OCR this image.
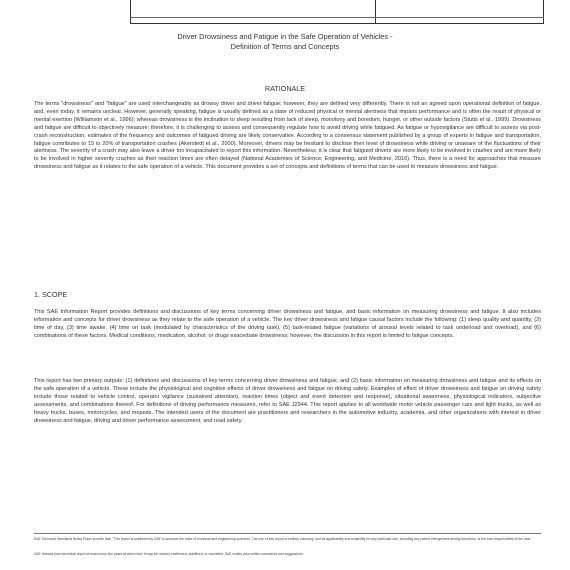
Driver Drowsiness and Fatigue in the Safe Operation of Vehicles -
Definition of Terms and Concepts
RATIONALE

The terms "drowsiness" and "fatigue" are used interchangeably as drowsy driver and driver fatigue; however, they are defined very differently. There is not an agreed upon operational definition of fatigue, and, even today, it remains unclear. However, generally speaking, fatigue is usually defined as a state of reduced physical or mental alertness that impairs performance and is often the result of physical or mental exertion (Williamson et al., 1996); whereas drowsiness is the inclination to sleep resulting from lack of sleep, monotony and boredom, hunger, or other outside factors (Stutts et al., 1999). Drowsiness and fatigue are difficult to objectively measure; therefore, it is challenging to assess and consequently regulate how to avoid driving while fatigued. As fatigue or hypovigilance are difficult to assess via post-crash reconstruction, estimates of the frequency and outcomes of fatigued driving are likely conservative. According to a consensus statement published by a group of experts in fatigue and transportation, fatigue contributes to 15 to 20% of transportation crashes (Akerstedt et al., 2000). Moreover, drivers may be hesitant to disclose their level of drowsiness while driving or unaware of the fluctuations of their alertness. The severity of a crash may also leave a driver too incapacitated to report this information. Nevertheless, it is clear that fatigued drivers are more likely to be involved in crashes and are more likely to be involved in higher severity crashes as their reaction times are often delayed (National Academies of Science, Engineering, and Medicine, 2016). Thus, there is a need for approaches that measure drowsiness and fatigue as it relates to the safe operation of a vehicle. This document provides a set of concepts and definitions of terms that can be used to measure drowsiness and fatigue.

1. SCOPE

This SAE Information Report provides definitions and discussions of key terms concerning driver drowsiness and fatigue, and basic information on measuring drowsiness and fatigue. It also includes information and concepts for driver drowsiness as they relate to the safe operation of a vehicle. The key driver drowsiness and fatigue causal factors include the following: (1) sleep quality and quantity, (2) time of day, (3) time awake, (4) time on task (modulated by characteristics of the driving task), (5) task-related fatigue (variations of arousal levels related to task underload and overload), and (6) combinations of these factors. Medical conditions, medication, alcohol, or drugs exacerbate drowsiness; however, the discussion in this report is limited to fatigue concepts.

This report has two primary outputs: (1) definitions and discussions of key terms concerning driver drowsiness and fatigue, and (2) basic information on measuring drowsiness and fatigue and its effects on the safe operation of a vehicle. These include the physiological and cognitive effects of driver drowsiness and fatigue on driving safety. Examples of effect of driver drowsiness and fatigue on driving safety include those related to vehicle control, operator vigilance (sustained attention), reaction times (object and event detection and response), situational awareness, physiological indicators, subjective assessments, and combinations thereof. For definitions of driving performance measures, refer to SAE J2944. This report applies to all worldwide motor vehicle passenger cars and light trucks, as well as heavy trucks, buses, motorcycles, and mopeds. The intended users of the document are practitioners and researchers in the automotive industry, academia, and other organizations with interest in driver drowsiness and fatigue, driving and driver performance assessment, and road safety.

SAE Technical Standards Board Rules provide that: "This report is published by SAE to advance the state of technical and engineering sciences. The use of this report is entirely voluntary, and its applicability and suitability for any particular use, including any patent infringement arising therefrom, is the sole responsibility of the user."

SAE reviews each technical report at least every five years at which time it may be revised, reaffirmed, stabilized, or cancelled. SAE invites your written comments and suggestions.
